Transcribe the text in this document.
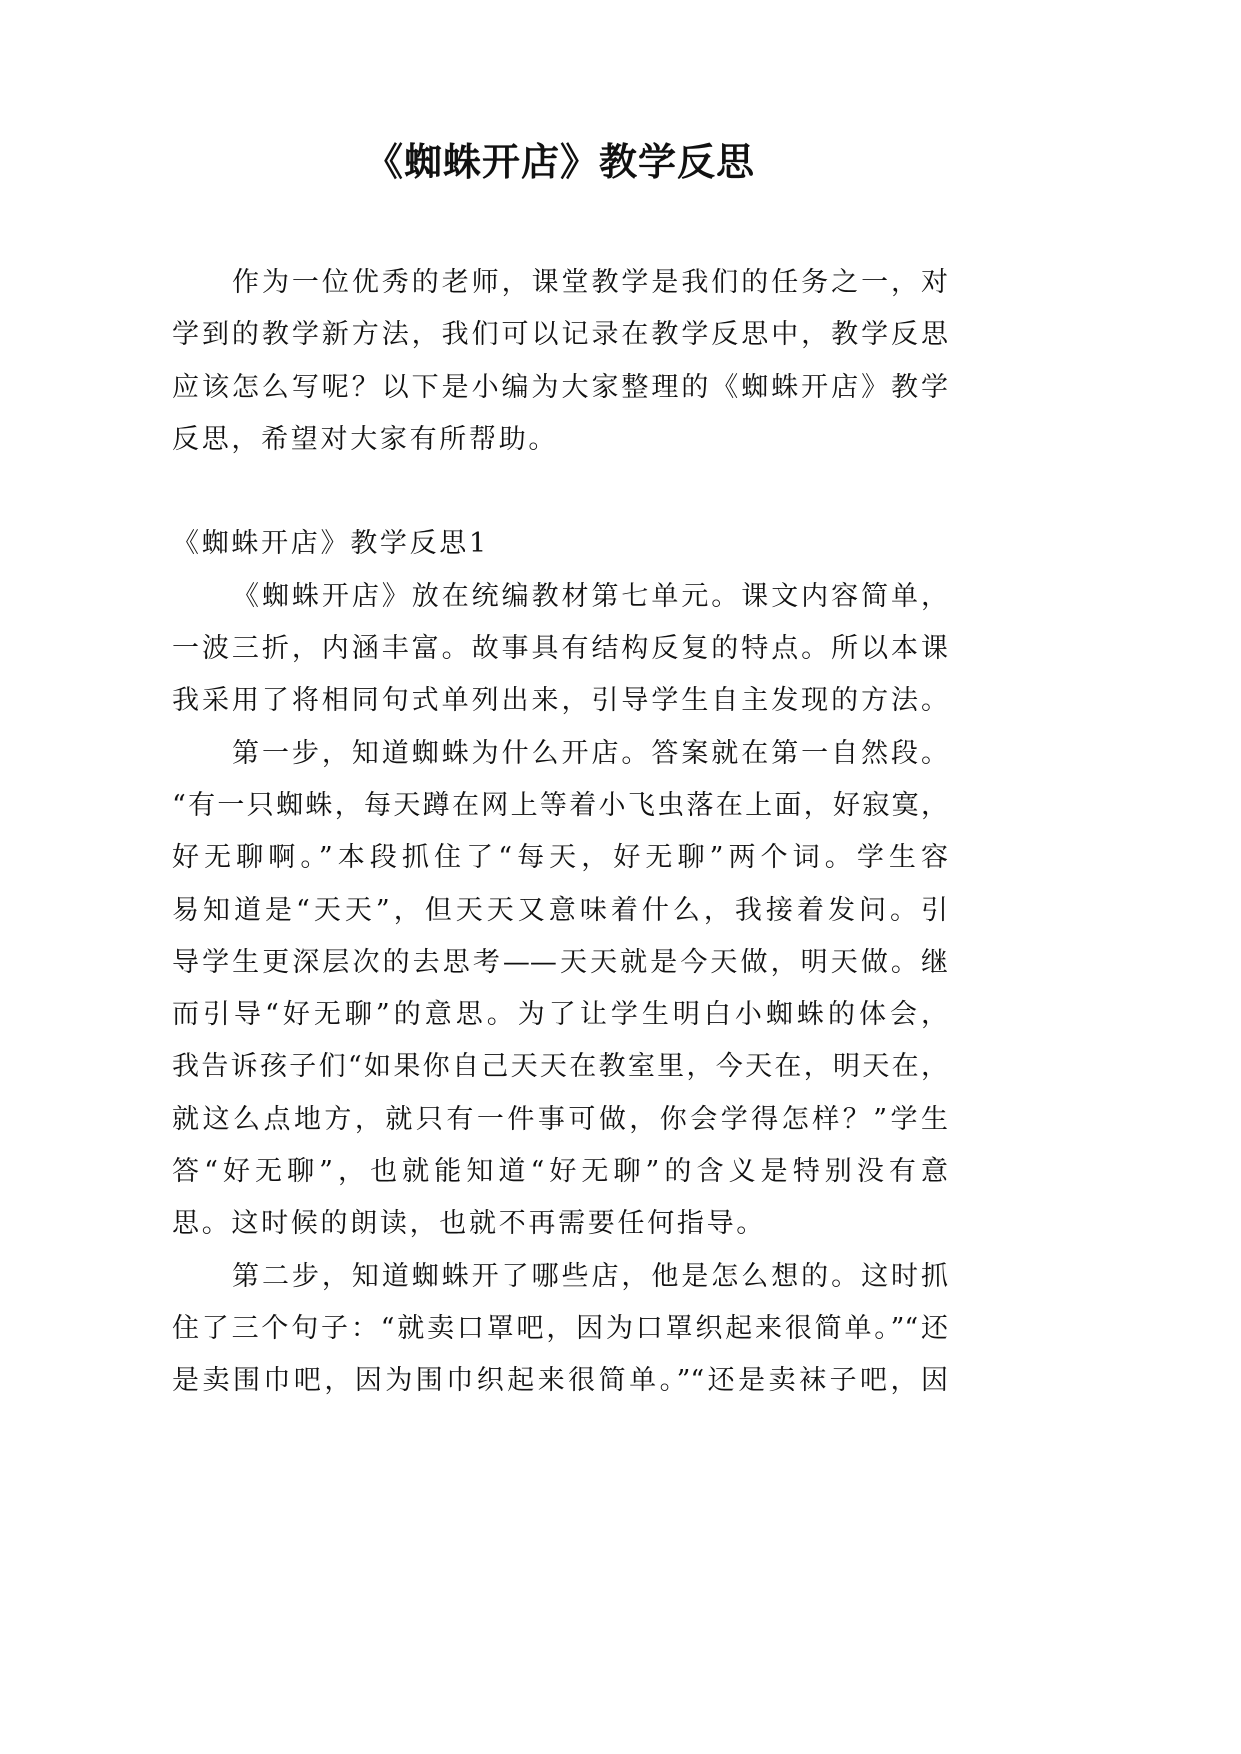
《蜘蛛开店》教学反思
作为一位优秀的老师，课堂教学是我们的任务之一，对
学到的教学新方法，我们可以记录在教学反思中，教学反思
应该怎么写呢？以下是小编为大家整理的《蜘蛛开店》教学
反思，希望对大家有所帮助。
《蜘蛛开店》教学反思1
《蜘蛛开店》放在统编教材第七单元。课文内容简单，
一波三折，内涵丰富。故事具有结构反复的特点。所以本课
我采用了将相同句式单列出来，引导学生自主发现的方法。
第一步，知道蜘蛛为什么开店。答案就在第一自然段。
“有一只蜘蛛，每天蹲在网上等着小飞虫落在上面，好寂寞，
好无聊啊。”本段抓住了“每天，好无聊”两个词。学生容
易知道是“天天”，但天天又意味着什么，我接着发问。引
导学生更深层次的去思考——天天就是今天做，明天做。继
而引导“好无聊”的意思。为了让学生明白小蜘蛛的体会，
我告诉孩子们“如果你自己天天在教室里，今天在，明天在，
就这么点地方，就只有一件事可做，你会学得怎样？”学生
答“好无聊”，也就能知道“好无聊”的含义是特别没有意
思。这时候的朗读，也就不再需要任何指导。
第二步，知道蜘蛛开了哪些店，他是怎么想的。这时抓
住了三个句子：“就卖口罩吧，因为口罩织起来很简单。”“还
是卖围巾吧，因为围巾织起来很简单。”“还是卖袜子吧，因
